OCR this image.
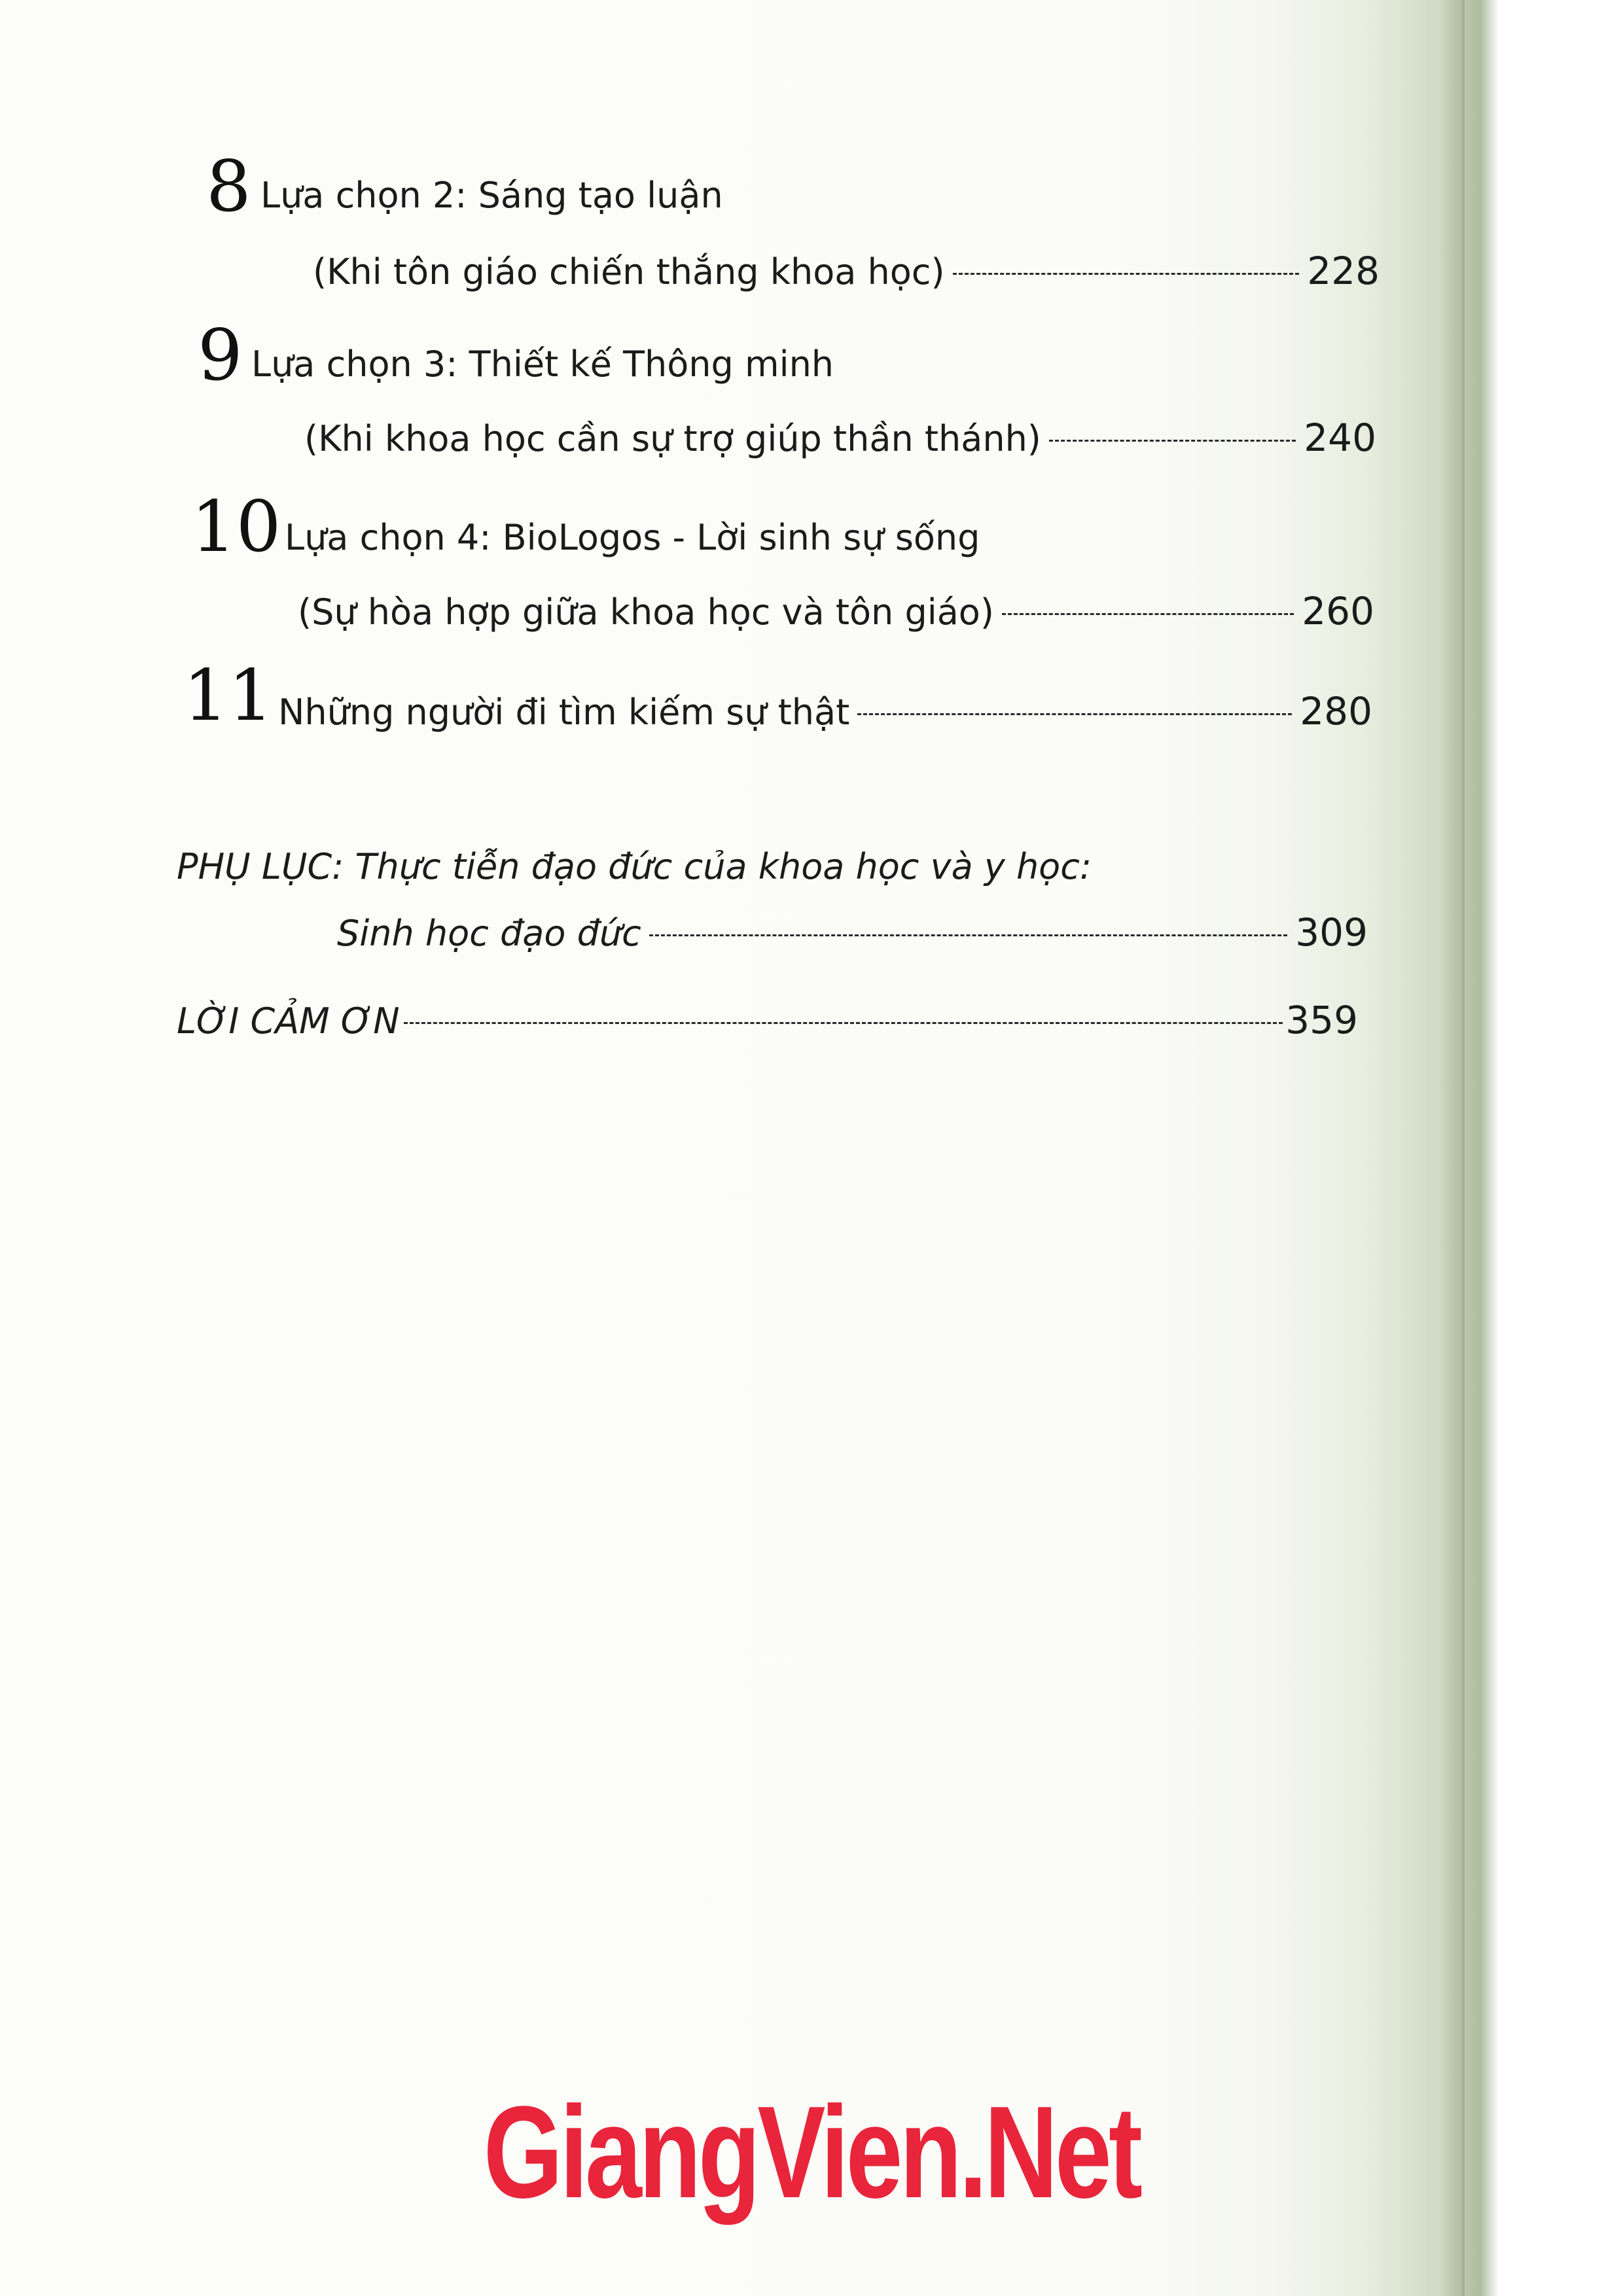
8 Lựa chọn 2: Sáng tạo luận
(Khi tôn giáo chiến thắng khoa học)	228
9 Lựa chọn 3: Thiết kế Thông minh
(Khi khoa học cần sự trợ giúp thần thánh)	240
10 Lựa chọn 4: BioLogos - Lời sinh sự sống
(Sự hòa hợp giữa khoa học và tôn giáo)	260
11 Những người đi tìm kiếm sự thật	280
PHỤ LỤC: Thực tiễn đạo đức của khoa học và y học:
Sinh học đạo đức	309
LỜI CẢM ƠN	359
GiangVien.Net
